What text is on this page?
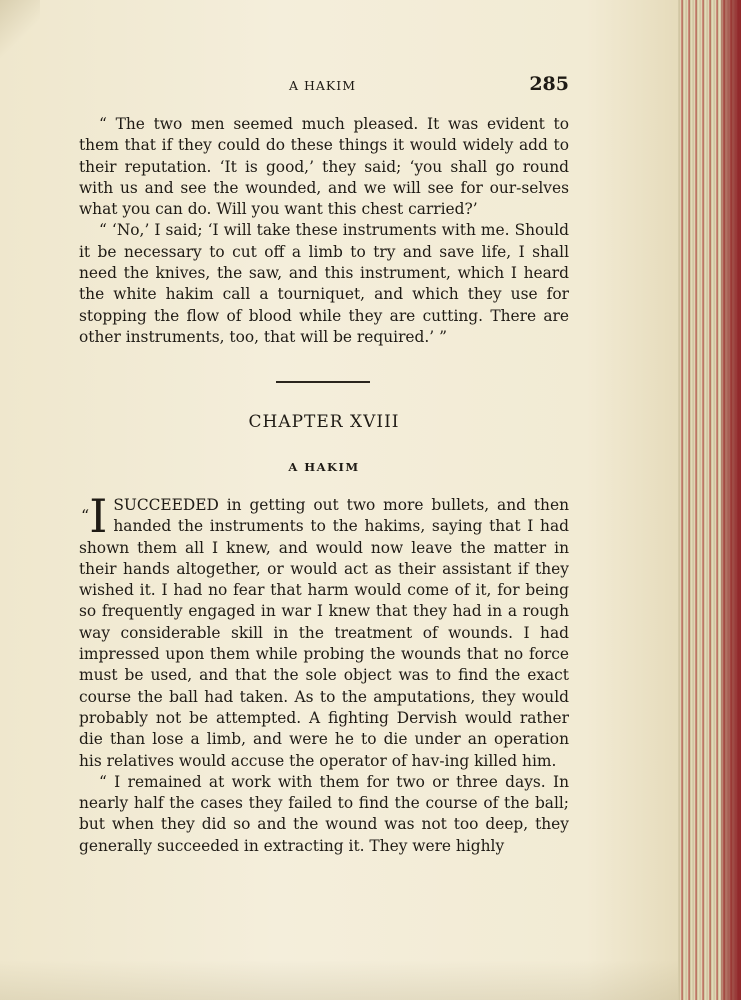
A HAKIM	285

“ The two men seemed much pleased. It was evident to them that if they could do these things it would widely add to their reputation. ‘It is good,’ they said; ‘you shall go round with us and see the wounded, and we will see for our-selves what you can do. Will you want this chest carried?’

“ ‘No,’ I said; ‘I will take these instruments with me. Should it be necessary to cut off a limb to try and save life, I shall need the knives, the saw, and this instrument, which I heard the white hakim call a tourniquet, and which they use for stopping the flow of blood while they are cutting. There are other instruments, too, that will be required.’ ”

CHAPTER XVIII
A HAKIM

“I SUCCEEDED in getting out two more bullets, and then handed the instruments to the hakims, saying that I had shown them all I knew, and would now leave the matter in their hands altogether, or would act as their assistant if they wished it. I had no fear that harm would come of it, for being so frequently engaged in war I knew that they had in a rough way considerable skill in the treatment of wounds. I had impressed upon them while probing the wounds that no force must be used, and that the sole object was to find the exact course the ball had taken. As to the amputations, they would probably not be attempted. A fighting Dervish would rather die than lose a limb, and were he to die under an operation his relatives would accuse the operator of hav-ing killed him.

“ I remained at work with them for two or three days. In nearly half the cases they failed to find the course of the ball; but when they did so and the wound was not too deep, they generally succeeded in extracting it. They were highly
